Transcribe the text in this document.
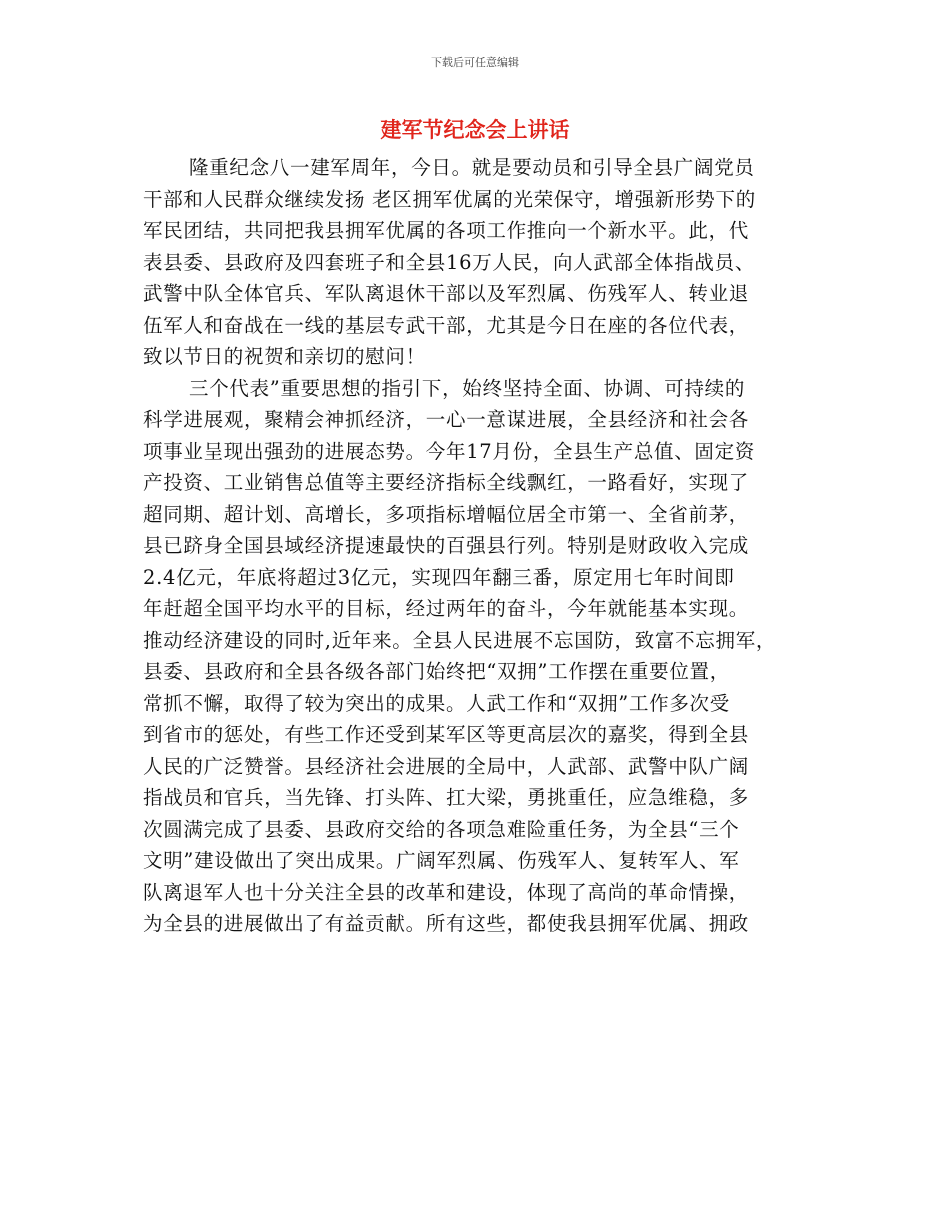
下载后可任意编辑
建军节纪念会上讲话
隆重纪念八一建军周年，今日。就是要动员和引导全县广阔党员
干部和人民群众继续发扬 老区拥军优属的光荣保守，增强新形势下的
军民团结，共同把我县拥军优属的各项工作推向一个新水平。此，代
表县委、县政府及四套班子和全县16万人民，向人武部全体指战员、
武警中队全体官兵、军队离退休干部以及军烈属、伤残军人、转业退
伍军人和奋战在一线的基层专武干部，尤其是今日在座的各位代表，
致以节日的祝贺和亲切的慰问！
三个代表”重要思想的指引下，始终坚持全面、协调、可持续的
科学进展观，聚精会神抓经济，一心一意谋进展，全县经济和社会各
项事业呈现出强劲的进展态势。今年17月份，全县生产总值、固定资
产投资、工业销售总值等主要经济指标全线飘红，一路看好，实现了
超同期、超计划、高增长，多项指标增幅位居全市第一、全省前茅，
县已跻身全国县域经济提速最快的百强县行列。特别是财政收入完成
2.4亿元，年底将超过3亿元，实现四年翻三番，原定用七年时间即
年赶超全国平均水平的目标，经过两年的奋斗，今年就能基本实现。
推动经济建设的同时,近年来。全县人民进展不忘国防，致富不忘拥军，
县委、县政府和全县各级各部门始终把“双拥”工作摆在重要位置，
常抓不懈，取得了较为突出的成果。人武工作和“双拥”工作多次受
到省市的惩处，有些工作还受到某军区等更高层次的嘉奖，得到全县
人民的广泛赞誉。县经济社会进展的全局中，人武部、武警中队广阔
指战员和官兵，当先锋、打头阵、扛大梁，勇挑重任，应急维稳，多
次圆满完成了县委、县政府交给的各项急难险重任务，为全县“三个
文明”建设做出了突出成果。广阔军烈属、伤残军人、复转军人、军
队离退军人也十分关注全县的改革和建设，体现了高尚的革命情操，
为全县的进展做出了有益贡献。所有这些，都使我县拥军优属、拥政
